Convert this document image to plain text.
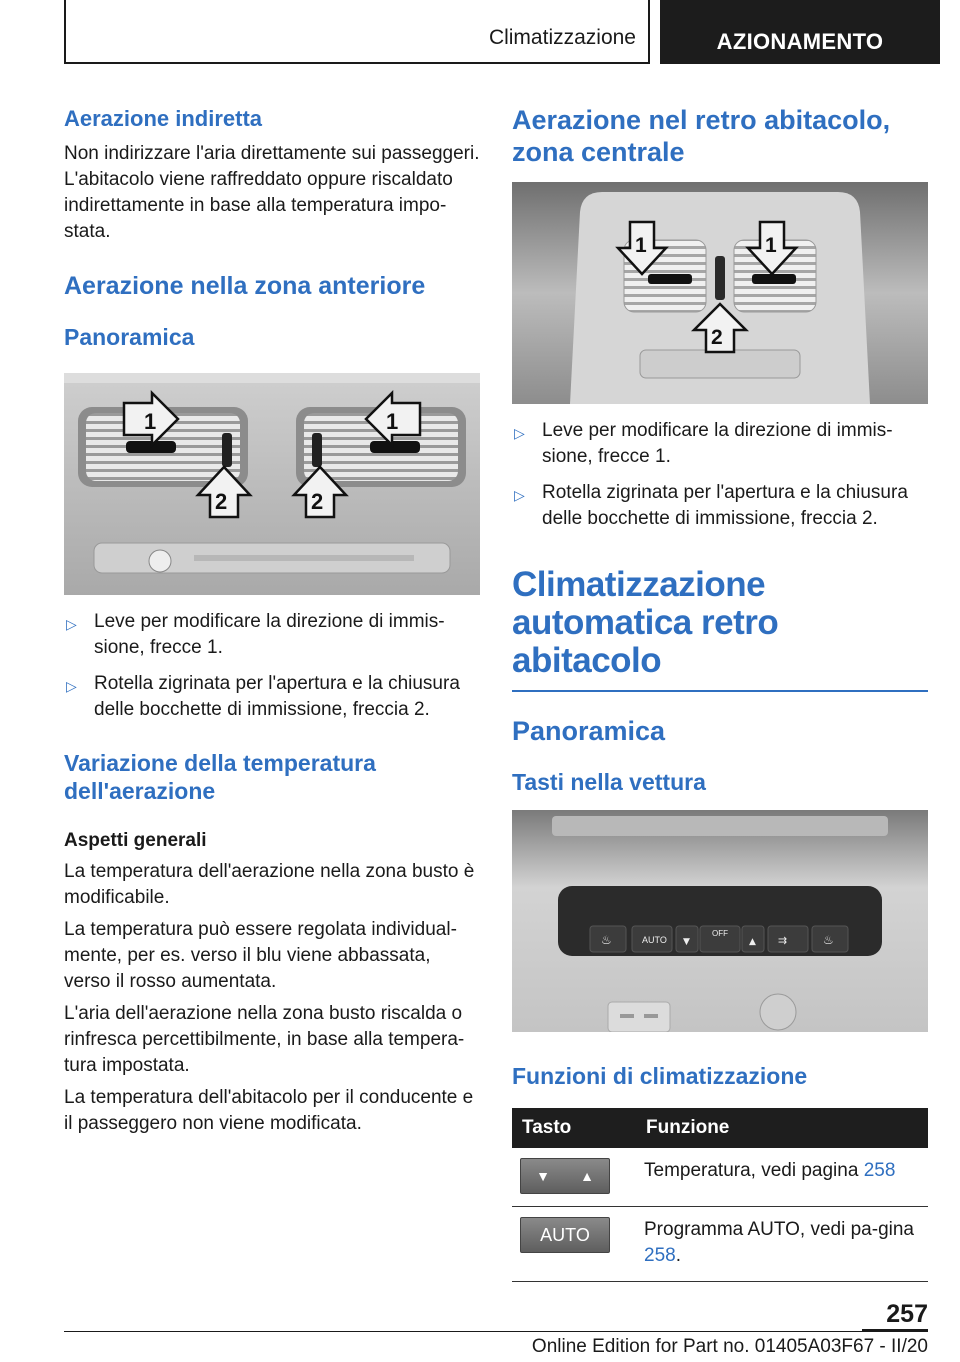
Climatizzazione	AZIONAMENTO
Aerazione indiretta

Non indirizzare l'aria direttamente sui passeggeri. L'abitacolo viene raffreddato oppure riscaldato indirettamente in base alla temperatura impo‐stata.

Aerazione nella zona anteriore
Panoramica
1	1
2	2
▷ Leve per modificare la direzione di immis‐sione, frecce 1.
▷ Rotella zigrinata per l'apertura e la chiusura delle bocchette di immissione, freccia 2.
Variazione della temperatura dell'aerazione
Aspetti generali

La temperatura dell'aerazione nella zona busto è modificabile.

La temperatura può essere regolata individual‐mente, per es. verso il blu viene abbassata, verso il rosso aumentata.

L'aria dell'aerazione nella zona busto riscalda o rinfresca percettibilmente, in base alla tempera‐tura impostata.

La temperatura dell'abitacolo per il conducente e il passeggero non viene modificata.

Aerazione nel retro abitacolo, zona centrale
1	1
2
▷ Leve per modificare la direzione di immis‐sione, frecce 1.
▷ Rotella zigrinata per l'apertura e la chiusura delle bocchette di immissione, freccia 2.
Climatizzazione automatica retro abitacolo
Panoramica
Tasti nella vettura
AUTO
OFF
▼	▲
♨	♨
⇉
Funzioni di climatizzazione
Tasto	Funzione

▼ ▲	Temperatura, vedi pagina 258

AUTO	Programma AUTO, vedi pa‐gina 258.
257
Online Edition for Part no. 01405A03F67 - II/20
